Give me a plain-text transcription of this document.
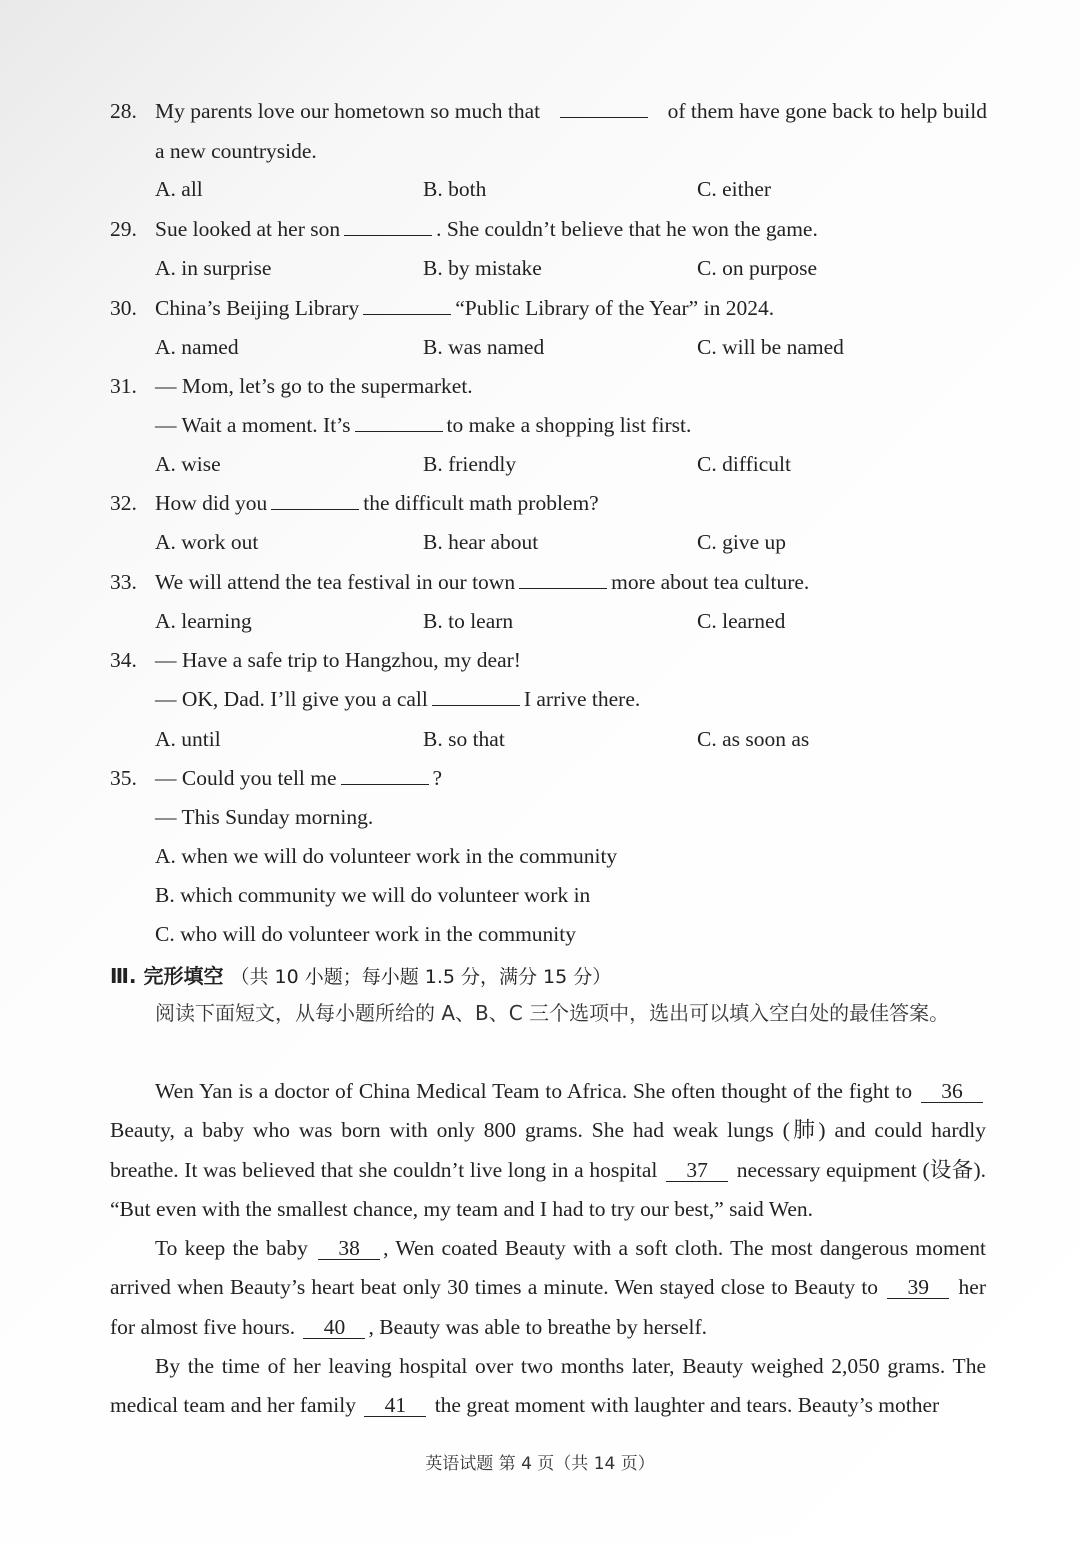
28. My parents love our hometown so much that	of them have gone back to help build
a new countryside.
A. all	B. both	C. either
29. Sue looked at her son	. She couldn’t believe that he won the game.
A. in surprise	B. by mistake	C. on purpose
30. China’s Beijing Library	“Public Library of the Year” in 2024.
A. named	B. was named	C. will be named
31. — Mom, let’s go to the supermarket.
— Wait a moment. It’s	to make a shopping list first.
A. wise	B. friendly	C. difficult
32. How did you	the difficult math problem?
A. work out	B. hear about	C. give up
33. We will attend the tea festival in our town	more about tea culture.
A. learning	B. to learn	C. learned
34. — Have a safe trip to Hangzhou, my dear!
— OK, Dad. I’ll give you a call	I arrive there.
A. until	B. so that	C. as soon as
35. — Could you tell me	?
— This Sunday morning.
A. when we will do volunteer work in the community
B. which community we will do volunteer work in
C. who will do volunteer work in the community
Ⅲ. 完形填空 （共 10 小题；每小题 1.5 分，满分 15 分）
阅读下面短文，从每小题所给的 A、B、C 三个选项中，选出可以填入空白处的最佳答案。
Wen Yan is a doctor of China Medical Team to Africa. She often thought of the fight to 36 Beauty, a baby who was born with only 800 grams. She had weak lungs (肺) and could hardly breathe. It was believed that she couldn’t live long in a hospital 37 necessary equipment (设备). “But even with the smallest chance, my team and I had to try our best,” said Wen.
To keep the baby 38 , Wen coated Beauty with a soft cloth. The most dangerous moment arrived when Beauty’s heart beat only 30 times a minute. Wen stayed close to Beauty to 39 her for almost five hours. 40 , Beauty was able to breathe by herself.
By the time of her leaving hospital over two months later, Beauty weighed 2,050 grams. The medical team and her family 41 the great moment with laughter and tears. Beauty’s mother
英语试题 第 4 页（共 14 页）
